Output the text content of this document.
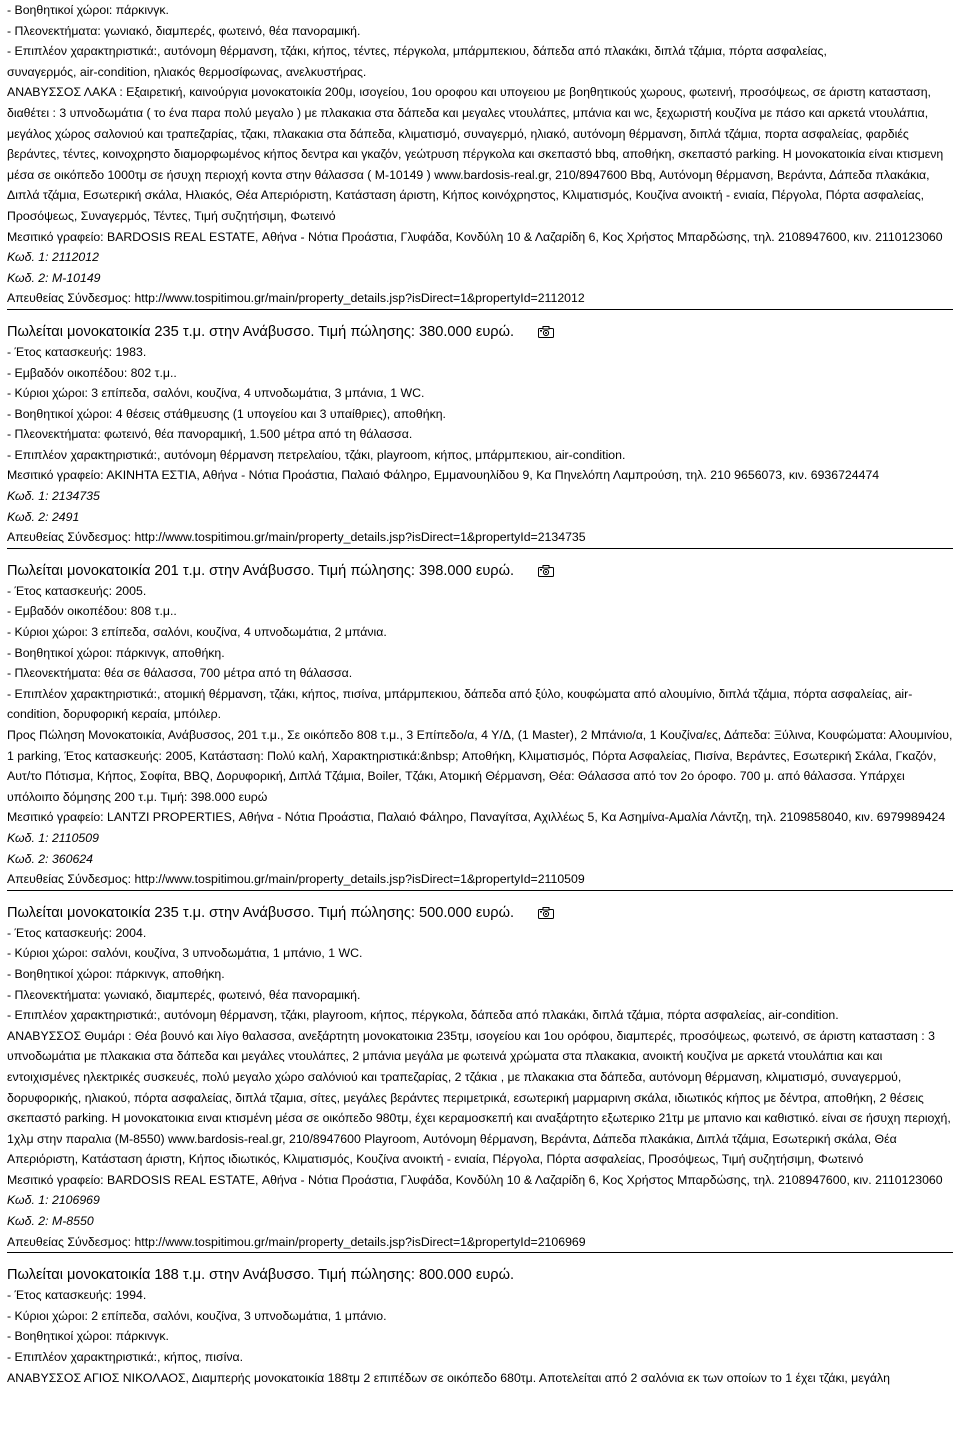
- Βοηθητικοί χώροι: πάρκινγκ.
- Πλεονεκτήματα: γωνιακό, διαμπερές, φωτεινό, θέα πανοραμική.
- Επιπλέον χαρακτηριστικά:, αυτόνομη θέρμανση, τζάκι, κήπος, τέντες, πέργκολα, μπάρμπεκιου, δάπεδα από πλακάκι, διπλά τζάμια, πόρτα ασφαλείας,
συναγερμός, air-condition, ηλιακός θερμοσίφωνας, ανελκυστήρας.
ΑΝΑΒΥΣΣΟΣ ΛΑΚΑ : Εξαιρετική, καινούργια μονοκατοικία 200μ, ισογείου, 1ου οροφου και υπογειου με βοηθητικούς χωρους, φωτεινή, προσόψεως, σε άριστη κατασταση, διαθέτει : 3 υπνοδωμάτια ( το ένα παρα πολύ μεγαλο ) με πλακακια στα δάπεδα και μεγαλες ντουλάπες, μπάνια και wc, ξεχωριστή κουζίνα με πάσο και αρκετά ντουλάπια, μεγάλος χώρος σαλονιού και τραπεζαρίας, τζακι, πλακακια στα δάπεδα, κλιματισμό, συναγερμό, ηλιακό, αυτόνομη θέρμανση, διπλά τζάμια, πορτα ασφαλείας, φαρδιές βεράντες, τέντες, κοινοχρηστο διαμορφωμένος κήπος δεντρα και γκαζόν, γεώτρυση πέργκολα και σκεπαστό bbq, αποθήκη, σκεπαστό parking. Η μονοκατοικία είναι κτισμενη μέσα σε οικόπεδο 1000τμ σε ήσυχη περιοχή κοντα στην θάλασσα ( Μ-10149 ) www.bardosis-real.gr, 210/8947600 Bbq, Αυτόνομη θέρμανση, Βεράντα, Δάπεδα πλακάκια, Διπλά τζάμια, Εσωτερική σκάλα, Ηλιακός, Θέα Απεριόριστη, Κατάσταση άριστη, Κήπος κοινόχρηστος, Κλιματισμός, Κουζίνα ανοικτή - ενιαία, Πέργολα, Πόρτα ασφαλείας, Προσόψεως, Συναγερμός, Τέντες, Τιμή συζητήσιμη, Φωτεινό
Μεσιτικό γραφείο: BARDOSIS REAL ESTATE, Αθήνα - Νότια Προάστια, Γλυφάδα, Κονδύλη 10 & Λαζαρίδη 6, Κος Χρήστος Μπαρδώσης, τηλ. 2108947600, κιν. 2110123060
Κωδ. 1: 2112012
Κωδ. 2: Μ-10149
Απευθείας Σύνδεσμος: http://www.tospitimou.gr/main/property_details.jsp?isDirect=1&propertyId=2112012
Πωλείται μονοκατοικία 235 τ.μ. στην Ανάβυσσο. Τιμή πώλησης: 380.000 ευρώ.
- Έτος κατασκευής: 1983.
- Εμβαδόν οικοπέδου: 802 τ.μ..
- Κύριοι χώροι: 3 επίπεδα, σαλόνι, κουζίνα, 4 υπνοδωμάτια, 3 μπάνια, 1 WC.
- Βοηθητικοί χώροι: 4 θέσεις στάθμευσης (1 υπογείου και 3 υπαίθριες), αποθήκη.
- Πλεονεκτήματα: φωτεινό, θέα πανοραμική, 1.500 μέτρα από τη θάλασσα.
- Επιπλέον χαρακτηριστικά:, αυτόνομη θέρμανση πετρελαίου, τζάκι, playroom, κήπος, μπάρμπεκιου, air-condition.
Μεσιτικό γραφείο: ΑΚΙΝΗΤΑ ΕΣΤΙΑ, Αθήνα - Νότια Προάστια, Παλαιό Φάληρο, Εμμανουηλίδου 9, Κα Πηνελόπη Λαμπρούση, τηλ. 210 9656073, κιν. 6936724474
Κωδ. 1: 2134735
Κωδ. 2: 2491
Απευθείας Σύνδεσμος: http://www.tospitimou.gr/main/property_details.jsp?isDirect=1&propertyId=2134735
Πωλείται μονοκατοικία 201 τ.μ. στην Ανάβυσσο. Τιμή πώλησης: 398.000 ευρώ.
- Έτος κατασκευής: 2005.
- Εμβαδόν οικοπέδου: 808 τ.μ..
- Κύριοι χώροι: 3 επίπεδα, σαλόνι, κουζίνα, 4 υπνοδωμάτια, 2 μπάνια.
- Βοηθητικοί χώροι: πάρκινγκ, αποθήκη.
- Πλεονεκτήματα: θέα σε θάλασσα, 700 μέτρα από τη θάλασσα.
- Επιπλέον χαρακτηριστικά:, ατομική θέρμανση, τζάκι, κήπος, πισίνα, μπάρμπεκιου, δάπεδα από ξύλο, κουφώματα από αλουμίνιο, διπλά τζάμια, πόρτα ασφαλείας, air-condition, δορυφορική κεραία, μπόιλερ.
Προς Πώληση Μονοκατοικία, Ανάβυσσος, 201 τ.μ., Σε οικόπεδο 808 τ.μ., 3 Επίπεδο/α, 4 Υ/Δ, (1 Master), 2 Μπάνιο/α, 1 Κουζίνα/ες, Δάπεδα: Ξύλινα, Κουφώματα: Αλουμινίου, 1 parking, Έτος κατασκευής: 2005, Κατάσταση: Πολύ καλή, Χαρακτηριστικά:&nbsp; Αποθήκη, Κλιματισμός, Πόρτα Ασφαλείας, Πισίνα, Βεράντες, Εσωτερική Σκάλα, Γκαζόν, Αυτ/το Πότισμα, Κήπος, Σοφίτα, BBQ, Δορυφορική, Διπλά Τζάμια, Boiler, Τζάκι, Ατομική Θέρμανση, Θέα: Θάλασσα από τον 2ο όροφο. 700 μ. από θάλασσα. Υπάρχει υπόλοιπο δόμησης 200 τ.μ. Τιμή: 398.000 ευρώ
Μεσιτικό γραφείο: LANTZI PROPERTIES, Αθήνα - Νότια Προάστια, Παλαιό Φάληρο, Παναγίτσα, Αχιλλέως 5, Κα Ασημίνα-Αμαλία Λάντζη, τηλ. 2109858040, κιν. 6979989424
Κωδ. 1: 2110509
Κωδ. 2: 360624
Απευθείας Σύνδεσμος: http://www.tospitimou.gr/main/property_details.jsp?isDirect=1&propertyId=2110509
Πωλείται μονοκατοικία 235 τ.μ. στην Ανάβυσσο. Τιμή πώλησης: 500.000 ευρώ.
- Έτος κατασκευής: 2004.
- Κύριοι χώροι: σαλόνι, κουζίνα, 3 υπνοδωμάτια, 1 μπάνιο, 1 WC.
- Βοηθητικοί χώροι: πάρκινγκ, αποθήκη.
- Πλεονεκτήματα: γωνιακό, διαμπερές, φωτεινό, θέα πανοραμική.
- Επιπλέον χαρακτηριστικά:, αυτόνομη θέρμανση, τζάκι, playroom, κήπος, πέργκολα, δάπεδα από πλακάκι, διπλά τζάμια, πόρτα ασφαλείας, air-condition.
ΑΝΑΒΥΣΣΟΣ Θυμάρι : Θέα βουνό και λίγο θαλασσα, ανεξάρτητη μονοκατοικια 235τμ, ισογείου και 1ου ορόφου, διαμπερές, προσόψεως, φωτεινό, σε άριστη κατασταση : 3 υπνοδωμάτια με πλακακια στα δάπεδα και μεγάλες ντουλάπες, 2 μπάνια μεγάλα με φωτεινά χρώματα στα πλακακια, ανοικτή κουζίνα με αρκετά ντουλάπια και και εντοιχισμένες ηλεκτρικές συσκευές, πολύ μεγαλο χώρο σαλόνιού και τραπεζαρίας, 2 τζάκια , με πλακακια στα δάπεδα, αυτόνομη θέρμανση, κλιματισμό, συναγερμού, δορυφορικής, ηλιακού, πόρτα ασφαλείας, διπλά τζαμια, σίτες, μεγάλες βεράντες περιμετρικά, εσωτερική μαρμαρινη σκάλα, ιδιωτικός κήπος με δέντρα, αποθήκη, 2 θέσεις σκεπαστό parking. Η μονοκατοικια ειναι κτισμένη μέσα σε οικόπεδο 980τμ, έχει κεραμοσκεπή και αναξάρτητο εξωτερικο 21τμ με μπανιο και καθιστικό. είναι σε ήσυχη περιοχή, 1χλμ στην παραλια (Μ-8550) www.bardosis-real.gr, 210/8947600 Playroom, Αυτόνομη θέρμανση, Βεράντα, Δάπεδα πλακάκια, Διπλά τζάμια, Εσωτερική σκάλα, Θέα Απεριόριστη, Κατάσταση άριστη, Κήπος ιδιωτικός, Κλιματισμός, Κουζίνα ανοικτή - ενιαία, Πέργολα, Πόρτα ασφαλείας, Προσόψεως, Τιμή συζητήσιμη, Φωτεινό
Μεσιτικό γραφείο: BARDOSIS REAL ESTATE, Αθήνα - Νότια Προάστια, Γλυφάδα, Κονδύλη 10 & Λαζαρίδη 6, Κος Χρήστος Μπαρδώσης, τηλ. 2108947600, κιν. 2110123060
Κωδ. 1: 2106969
Κωδ. 2: Μ-8550
Απευθείας Σύνδεσμος: http://www.tospitimou.gr/main/property_details.jsp?isDirect=1&propertyId=2106969
Πωλείται μονοκατοικία 188 τ.μ. στην Ανάβυσσο. Τιμή πώλησης: 800.000 ευρώ.
- Έτος κατασκευής: 1994.
- Κύριοι χώροι: 2 επίπεδα, σαλόνι, κουζίνα, 3 υπνοδωμάτια, 1 μπάνιο.
- Βοηθητικοί χώροι: πάρκινγκ.
- Επιπλέον χαρακτηριστικά:, κήπος, πισίνα.
ΑΝΑΒΥΣΣΟΣ ΑΓΙΟΣ ΝΙΚΟΛΑΟΣ, Διαμπερής μονοκατοικία 188τμ 2 επιπέδων σε οικόπεδο 680τμ. Αποτελείται από 2 σαλόνια εκ των οποίων το 1 έχει τζάκι, μεγάλη
